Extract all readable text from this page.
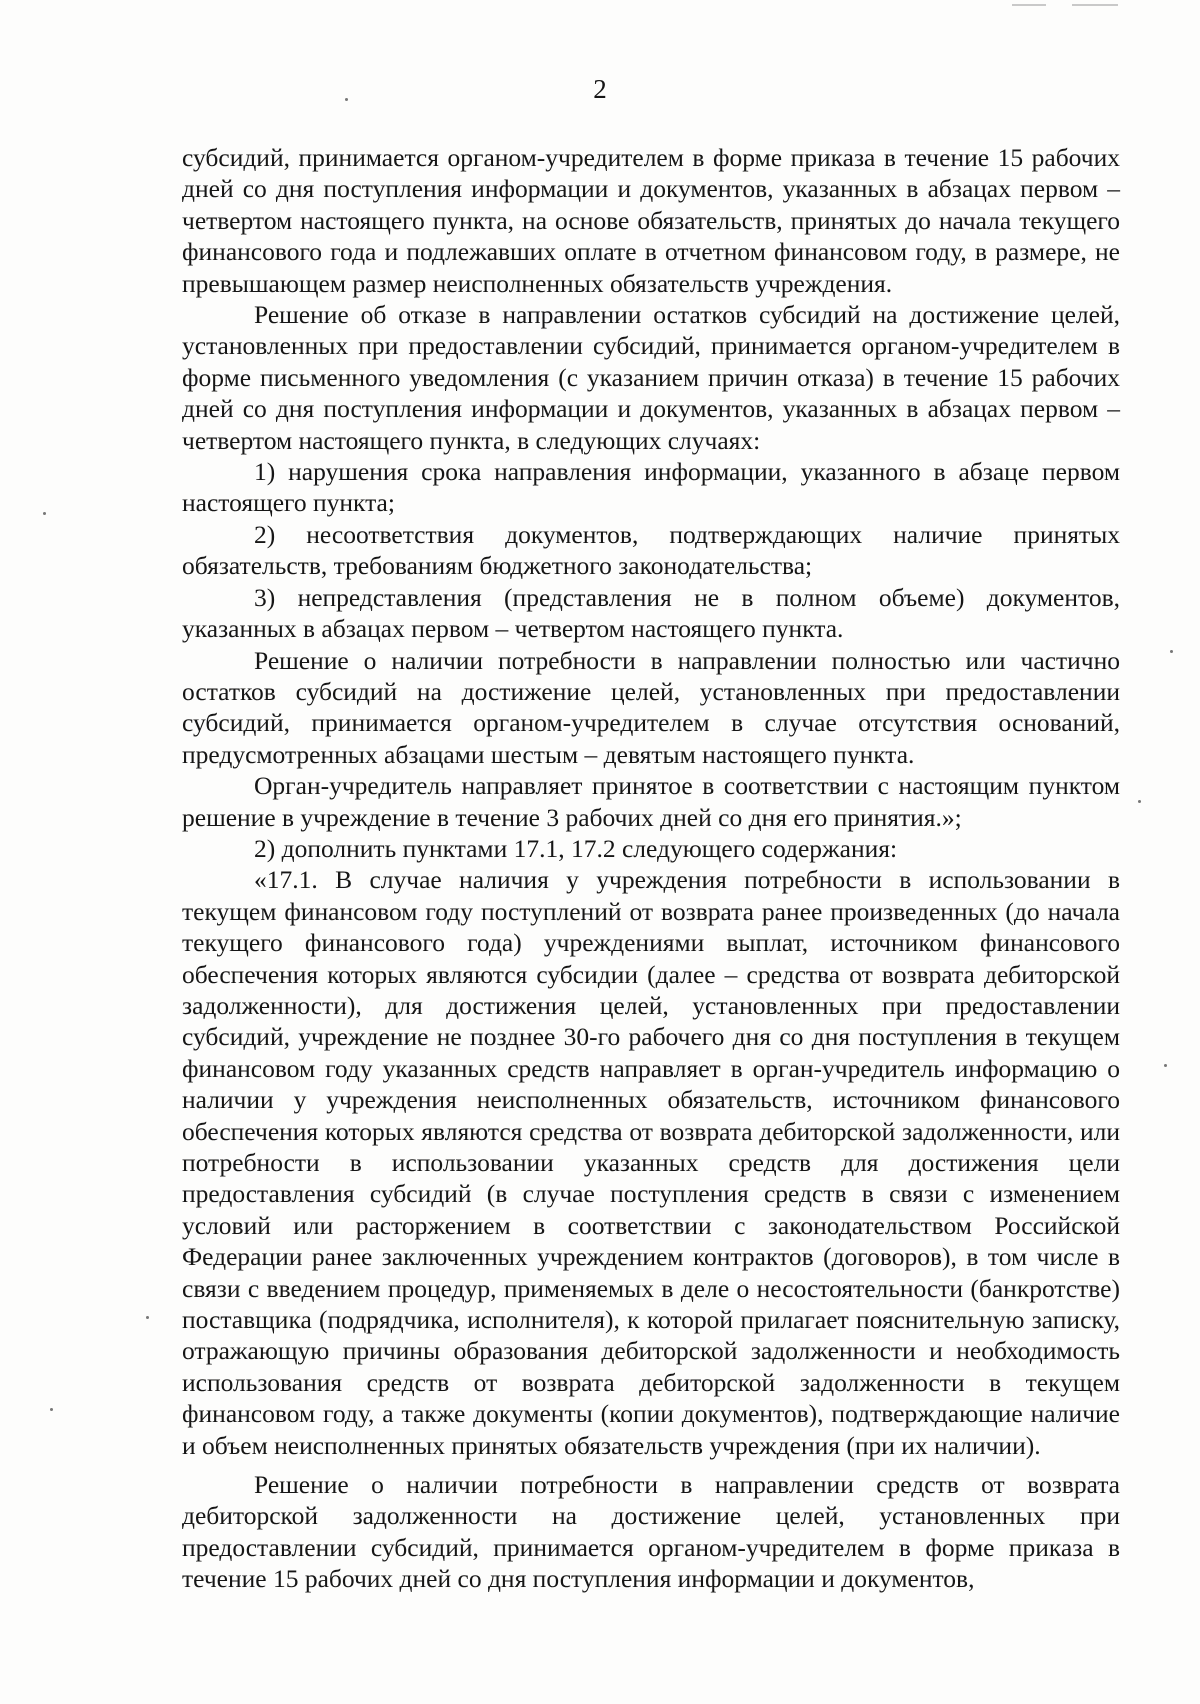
2

субсидий, принимается органом-учредителем в форме приказа в течение 15 рабочих дней со дня поступления информации и документов, указанных в абзацах первом – четвертом настоящего пункта, на основе обязательств, принятых до начала текущего финансового года и подлежавших оплате в отчетном финансовом году, в размере, не превышающем размер неисполненных обязательств учреждения.

Решение об отказе в направлении остатков субсидий на достижение целей, установленных при предоставлении субсидий, принимается органом-учредителем в форме письменного уведомления (с указанием причин отказа) в течение 15 рабочих дней со дня поступления информации и документов, указанных в абзацах первом – четвертом настоящего пункта, в следующих случаях:

1) нарушения срока направления информации, указанного в абзаце первом настоящего пункта;

2) несоответствия документов, подтверждающих наличие принятых обязательств, требованиям бюджетного законодательства;

3) непредставления (представления не в полном объеме) документов, указанных в абзацах первом – четвертом настоящего пункта.

Решение о наличии потребности в направлении полностью или частично остатков субсидий на достижение целей, установленных при предоставлении субсидий, принимается органом-учредителем в случае отсутствия оснований, предусмотренных абзацами шестым – девятым настоящего пункта.

Орган-учредитель направляет принятое в соответствии с настоящим пунктом решение в учреждение в течение 3 рабочих дней со дня его принятия.»;

2) дополнить пунктами 17.1, 17.2 следующего содержания:

«17.1. В случае наличия у учреждения потребности в использовании в текущем финансовом году поступлений от возврата ранее произведенных (до начала текущего финансового года) учреждениями выплат, источником финансового обеспечения которых являются субсидии (далее – средства от возврата дебиторской задолженности), для достижения целей, установленных при предоставлении субсидий, учреждение не позднее 30-го рабочего дня со дня поступления в текущем финансовом году указанных средств направляет в орган-учредитель информацию о наличии у учреждения неисполненных обязательств, источником финансового обеспечения которых являются средства от возврата дебиторской задолженности, или потребности в использовании указанных средств для достижения цели предоставления субсидий (в случае поступления средств в связи с изменением условий или расторжением в соответствии с законодательством Российской Федерации ранее заключенных учреждением контрактов (договоров), в том числе в связи с введением процедур, применяемых в деле о несостоятельности (банкротстве) поставщика (подрядчика, исполнителя), к которой прилагает пояснительную записку, отражающую причины образования дебиторской задолженности и необходимость использования средств от возврата дебиторской задолженности в текущем финансовом году, а также документы (копии документов), подтверждающие наличие и объем неисполненных принятых обязательств учреждения (при их наличии).

Решение о наличии потребности в направлении средств от возврата дебиторской задолженности на достижение целей, установленных при предоставлении субсидий, принимается органом-учредителем в форме приказа в течение 15 рабочих дней со дня поступления информации и документов,
